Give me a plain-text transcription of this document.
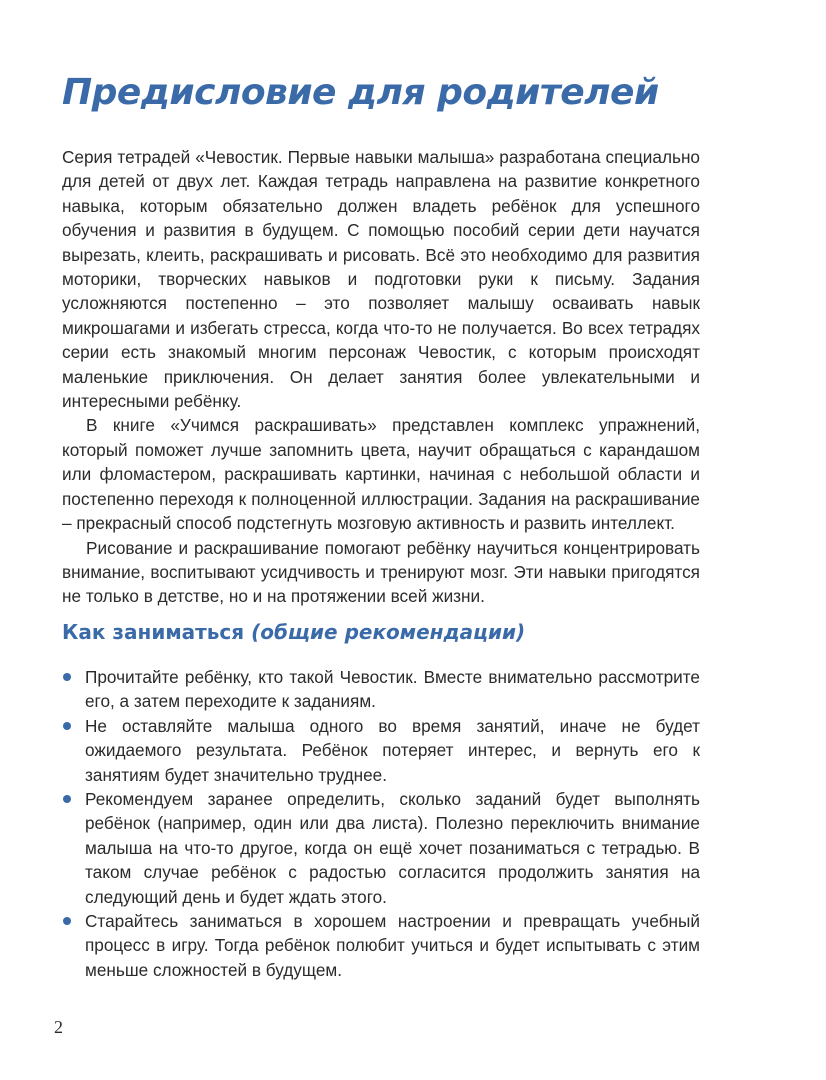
Предисловие для родителей

Серия тетрадей «Чевостик. Первые навыки малыша» разработана специально для детей от двух лет. Каждая тетрадь направлена на развитие конкретного навыка, которым обязательно должен владеть ребёнок для успешного обучения и развития в будущем. С помощью пособий серии дети научатся вырезать, клеить, раскрашивать и рисовать. Всё это необходимо для развития моторики, творческих навыков и подготовки руки к письму. Задания усложняются постепенно – это позволяет малышу осваивать навык микрошагами и избегать стресса, когда что-то не получается. Во всех тетрадях серии есть знакомый многим персонаж Чевостик, с которым происходят маленькие приключения. Он делает занятия более увлекательными и интересными ребёнку.

В книге «Учимся раскрашивать» представлен комплекс упражнений, который поможет лучше запомнить цвета, научит обращаться с карандашом или фломастером, раскрашивать картинки, начиная с небольшой области и постепенно переходя к полноценной иллюстрации. Задания на раскрашивание – прекрасный способ подстегнуть мозговую активность и развить интеллект.

Рисование и раскрашивание помогают ребёнку научиться концентрировать внимание, воспитывают усидчивость и тренируют мозг. Эти навыки пригодятся не только в детстве, но и на протяжении всей жизни.

Как заниматься (общие рекомендации)
Прочитайте ребёнку, кто такой Чевостик. Вместе внимательно рассмотрите его, а затем переходите к заданиям.
Не оставляйте малыша одного во время занятий, иначе не будет ожидаемого результата. Ребёнок потеряет интерес, и вернуть его к занятиям будет значительно труднее.
Рекомендуем заранее определить, сколько заданий будет выполнять ребёнок (например, один или два листа). Полезно переключить внимание малыша на что-то другое, когда он ещё хочет позаниматься с тетрадью. В таком случае ребёнок с радостью согласится продолжить занятия на следующий день и будет ждать этого.
Старайтесь заниматься в хорошем настроении и превращать учебный процесс в игру. Тогда ребёнок полюбит учиться и будет испытывать с этим меньше сложностей в будущем.
2
